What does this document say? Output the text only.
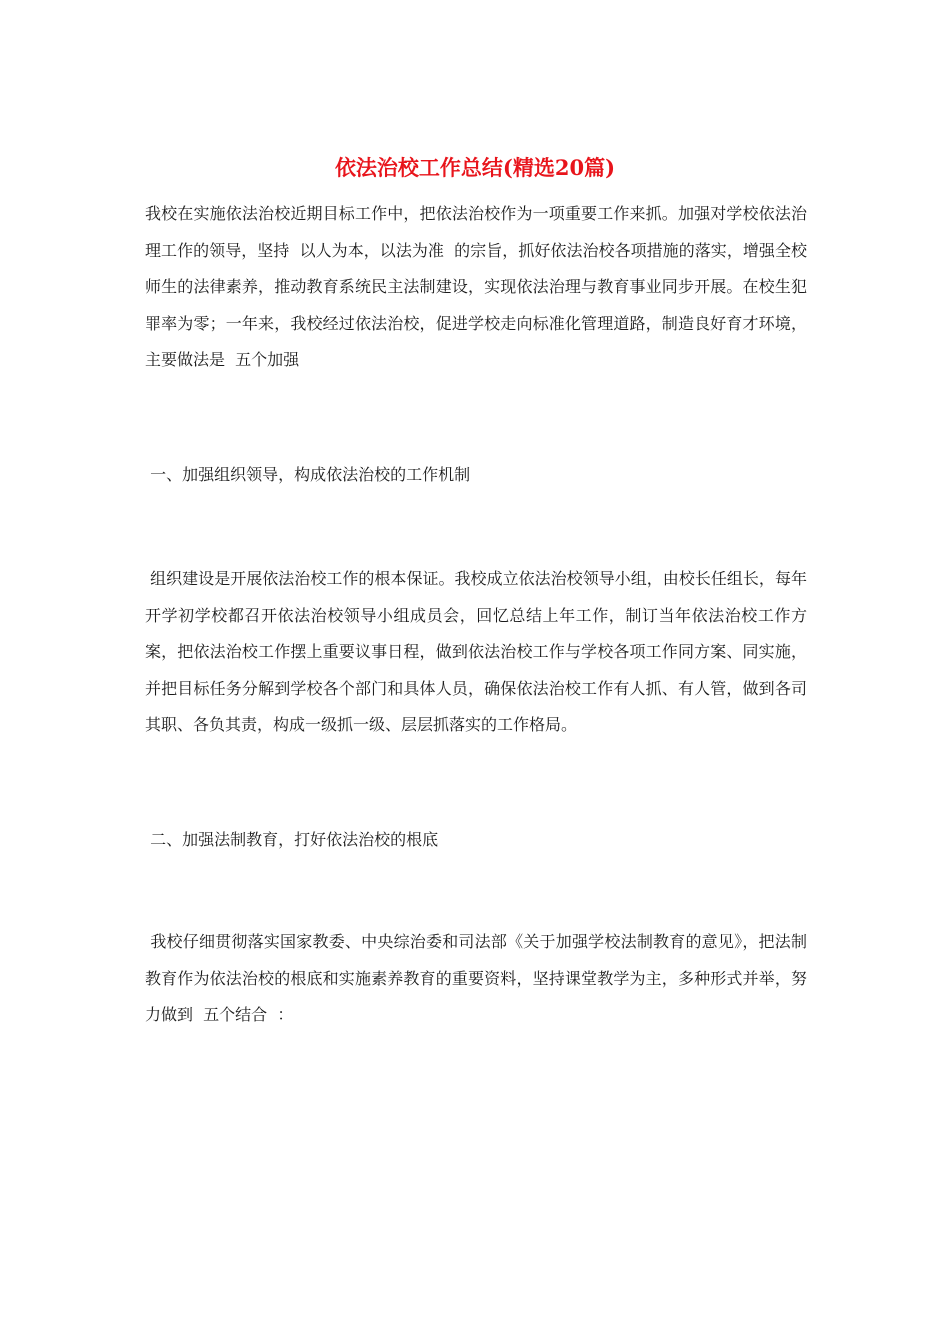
依法治校工作总结(精选20篇)

我校在实施依法治校近期目标工作中，把依法治校作为一项重要工作来抓。加强对学校依法治理工作的领导，坚持  以人为本，以法为准  的宗旨，抓好依法治校各项措施的落实，增强全校师生的法律素养，推动教育系统民主法制建设，实现依法治理与教育事业同步开展。在校生犯罪率为零；一年来，我校经过依法治校，促进学校走向标准化管理道路，制造良好育才环境，主要做法是  五个加强

一、加强组织领导，构成依法治校的工作机制

组织建设是开展依法治校工作的根本保证。我校成立依法治校领导小组，由校长任组长，每年开学初学校都召开依法治校领导小组成员会，回忆总结上年工作，制订当年依法治校工作方案，把依法治校工作摆上重要议事日程，做到依法治校工作与学校各项工作同方案、同实施，并把目标任务分解到学校各个部门和具体人员，确保依法治校工作有人抓、有人管，做到各司其职、各负其责，构成一级抓一级、层层抓落实的工作格局。

二、加强法制教育，打好依法治校的根底

我校仔细贯彻落实国家教委、中央综治委和司法部《关于加强学校法制教育的意见》，把法制教育作为依法治校的根底和实施素养教育的重要资料，坚持课堂教学为主，多种形式并举，努力做到  五个结合  ：
